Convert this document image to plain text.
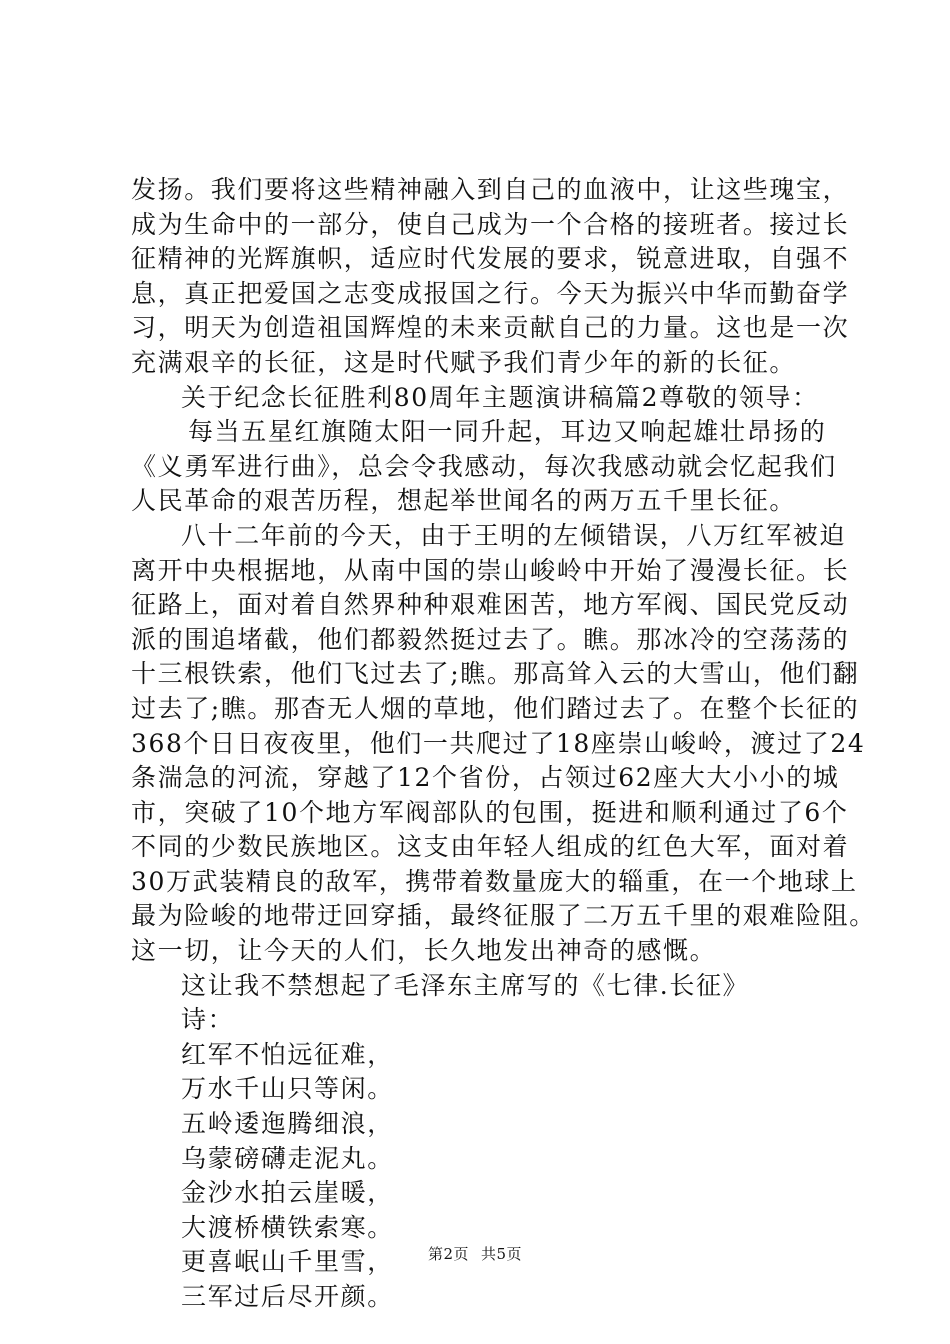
发扬。我们要将这些精神融入到自己的血液中，让这些瑰宝，
成为生命中的一部分，使自己成为一个合格的接班者。接过长
征精神的光辉旗帜，适应时代发展的要求，锐意进取，自强不
息，真正把爱国之志变成报国之行。今天为振兴中华而勤奋学
习，明天为创造祖国辉煌的未来贡献自己的力量。这也是一次
充满艰辛的长征，这是时代赋予我们青少年的新的长征。
关于纪念长征胜利80周年主题演讲稿篇2尊敬的领导：
每当五星红旗随太阳一同升起，耳边又响起雄壮昂扬的
《义勇军进行曲》，总会令我感动，每次我感动就会忆起我们
人民革命的艰苦历程，想起举世闻名的两万五千里长征。
八十二年前的今天，由于王明的左倾错误，八万红军被迫
离开中央根据地，从南中国的崇山峻岭中开始了漫漫长征。长
征路上，面对着自然界种种艰难困苦，地方军阀、国民党反动
派的围追堵截，他们都毅然挺过去了。瞧。那冰冷的空荡荡的
十三根铁索，他们飞过去了;瞧。那高耸入云的大雪山，他们翻
过去了;瞧。那杳无人烟的草地，他们踏过去了。在整个长征的
368个日日夜夜里，他们一共爬过了18座崇山峻岭，渡过了24
条湍急的河流，穿越了12个省份，占领过62座大大小小的城
市，突破了10个地方军阀部队的包围，挺进和顺利通过了6个
不同的少数民族地区。这支由年轻人组成的红色大军，面对着
30万武装精良的敌军，携带着数量庞大的辎重，在一个地球上
最为险峻的地带迂回穿插，最终征服了二万五千里的艰难险阻。
这一切，让今天的人们，长久地发出神奇的感慨。
这让我不禁想起了毛泽东主席写的《七律.长征》
诗：
红军不怕远征难，
万水千山只等闲。
五岭逶迤腾细浪，
乌蒙磅礴走泥丸。
金沙水拍云崖暖，
大渡桥横铁索寒。
更喜岷山千里雪，
三军过后尽开颜。
第2页 共5页
